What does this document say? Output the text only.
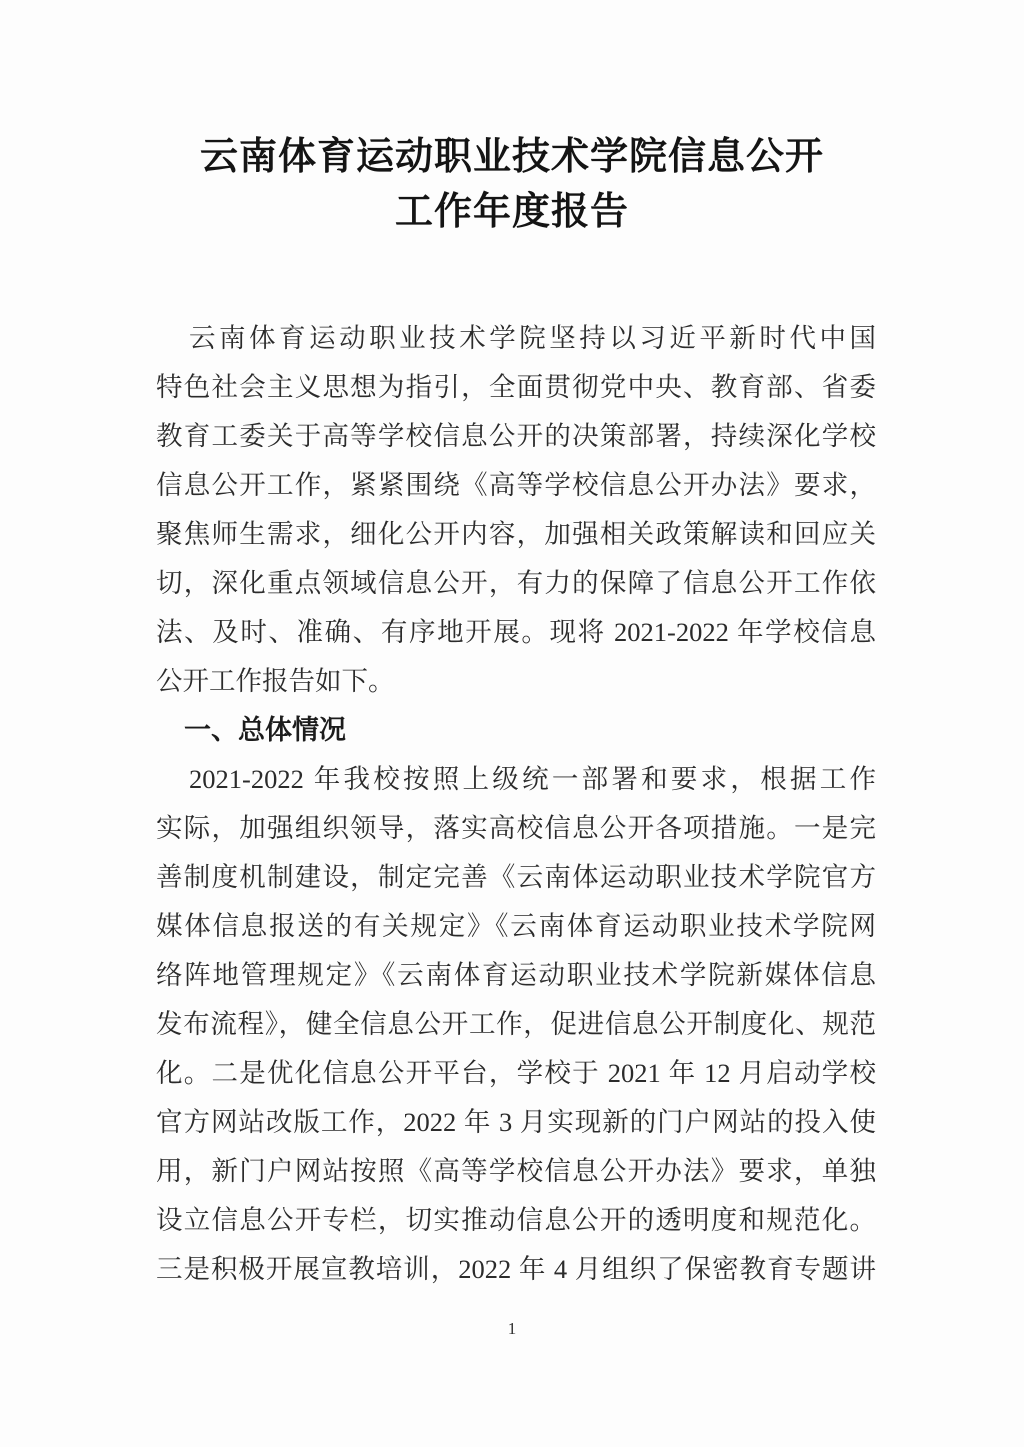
云南体育运动职业技术学院信息公开
工作年度报告
云南体育运动职业技术学院坚持以习近平新时代中国
特色社会主义思想为指引，全面贯彻党中央、教育部、省委
教育工委关于高等学校信息公开的决策部署，持续深化学校
信息公开工作，紧紧围绕《高等学校信息公开办法》要求，
聚焦师生需求，细化公开内容，加强相关政策解读和回应关
切，深化重点领域信息公开，有力的保障了信息公开工作依
法、及时、准确、有序地开展。现将 2021-2022 年学校信息
公开工作报告如下。
一、总体情况
2021-2022 年我校按照上级统一部署和要求，根据工作
实际，加强组织领导，落实高校信息公开各项措施。一是完
善制度机制建设，制定完善《云南体运动职业技术学院官方
媒体信息报送的有关规定》《云南体育运动职业技术学院网
络阵地管理规定》《云南体育运动职业技术学院新媒体信息
发布流程》，健全信息公开工作，促进信息公开制度化、规范
化。二是优化信息公开平台，学校于 2021 年 12 月启动学校
官方网站改版工作，2022 年 3 月实现新的门户网站的投入使
用，新门户网站按照《高等学校信息公开办法》要求，单独
设立信息公开专栏，切实推动信息公开的透明度和规范化。
三是积极开展宣教培训，2022 年 4 月组织了保密教育专题讲
1
